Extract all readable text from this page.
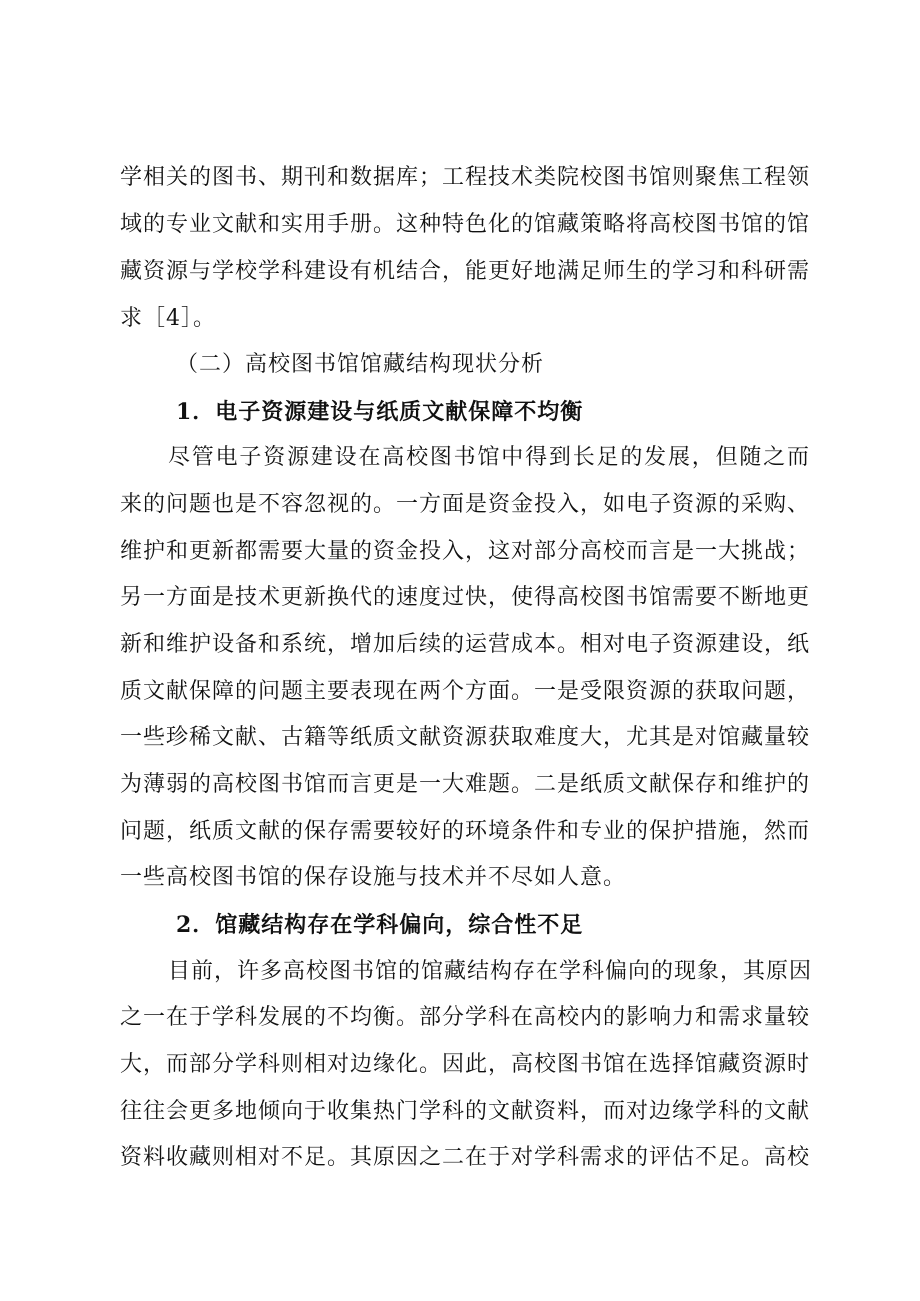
学相关的图书、期刊和数据库；工程技术类院校图书馆则聚焦工程领
域的专业文献和实用手册。这种特色化的馆藏策略将高校图书馆的馆
藏资源与学校学科建设有机结合，能更好地满足师生的学习和科研需
求［4］。
（二）高校图书馆馆藏结构现状分析
1．电子资源建设与纸质文献保障不均衡
尽管电子资源建设在高校图书馆中得到长足的发展，但随之而
来的问题也是不容忽视的。一方面是资金投入，如电子资源的采购、
维护和更新都需要大量的资金投入，这对部分高校而言是一大挑战；
另一方面是技术更新换代的速度过快，使得高校图书馆需要不断地更
新和维护设备和系统，增加后续的运营成本。相对电子资源建设，纸
质文献保障的问题主要表现在两个方面。一是受限资源的获取问题，
一些珍稀文献、古籍等纸质文献资源获取难度大，尤其是对馆藏量较
为薄弱的高校图书馆而言更是一大难题。二是纸质文献保存和维护的
问题，纸质文献的保存需要较好的环境条件和专业的保护措施，然而
一些高校图书馆的保存设施与技术并不尽如人意。
2．馆藏结构存在学科偏向，综合性不足
目前，许多高校图书馆的馆藏结构存在学科偏向的现象，其原因
之一在于学科发展的不均衡。部分学科在高校内的影响力和需求量较
大，而部分学科则相对边缘化。因此，高校图书馆在选择馆藏资源时
往往会更多地倾向于收集热门学科的文献资料，而对边缘学科的文献
资料收藏则相对不足。其原因之二在于对学科需求的评估不足。高校
